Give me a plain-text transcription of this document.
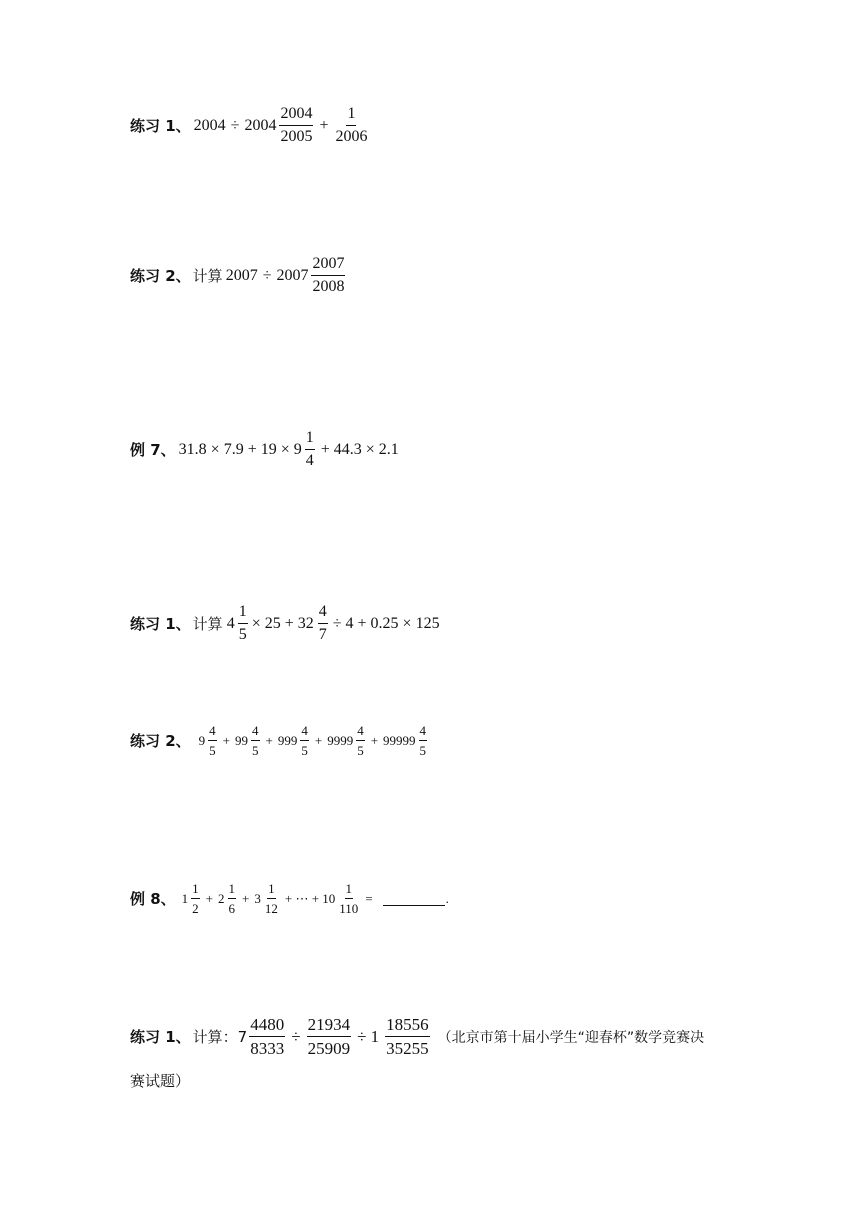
练习 1、 $2004 \div 2004 \frac{2004}{2005} + \frac{1}{2006}$
练习 2、 计算 $2007 \div 2007 \frac{2007}{2008}$
例 7、 $31.8 \times 7.9 + 19 \times 9 \frac{1}{4} + 44.3 \times 2.1$
练习 1、 计算 $4 \frac{1}{5} \times 25 + 32 \frac{4}{7} \div 4 + 0.25 \times 125$
练习 2、 $9 \frac{4}{5} + 99 \frac{4}{5} + 999 \frac{4}{5} + 9999 \frac{4}{5} + 99999 \frac{4}{5}$
例 8、 $1 \frac{1}{2} + 2 \frac{1}{6} + 3 \frac{1}{12}$ + ⋯ + $10 \frac{1}{110}$ =	.
练习 1、 计算：$7 \frac{4480}{8333} \div \frac{21934}{25909} \div 1 \frac{18556}{35255}$ （北京市第十届小学生“迎春杯”数学竞赛决
赛试题）
